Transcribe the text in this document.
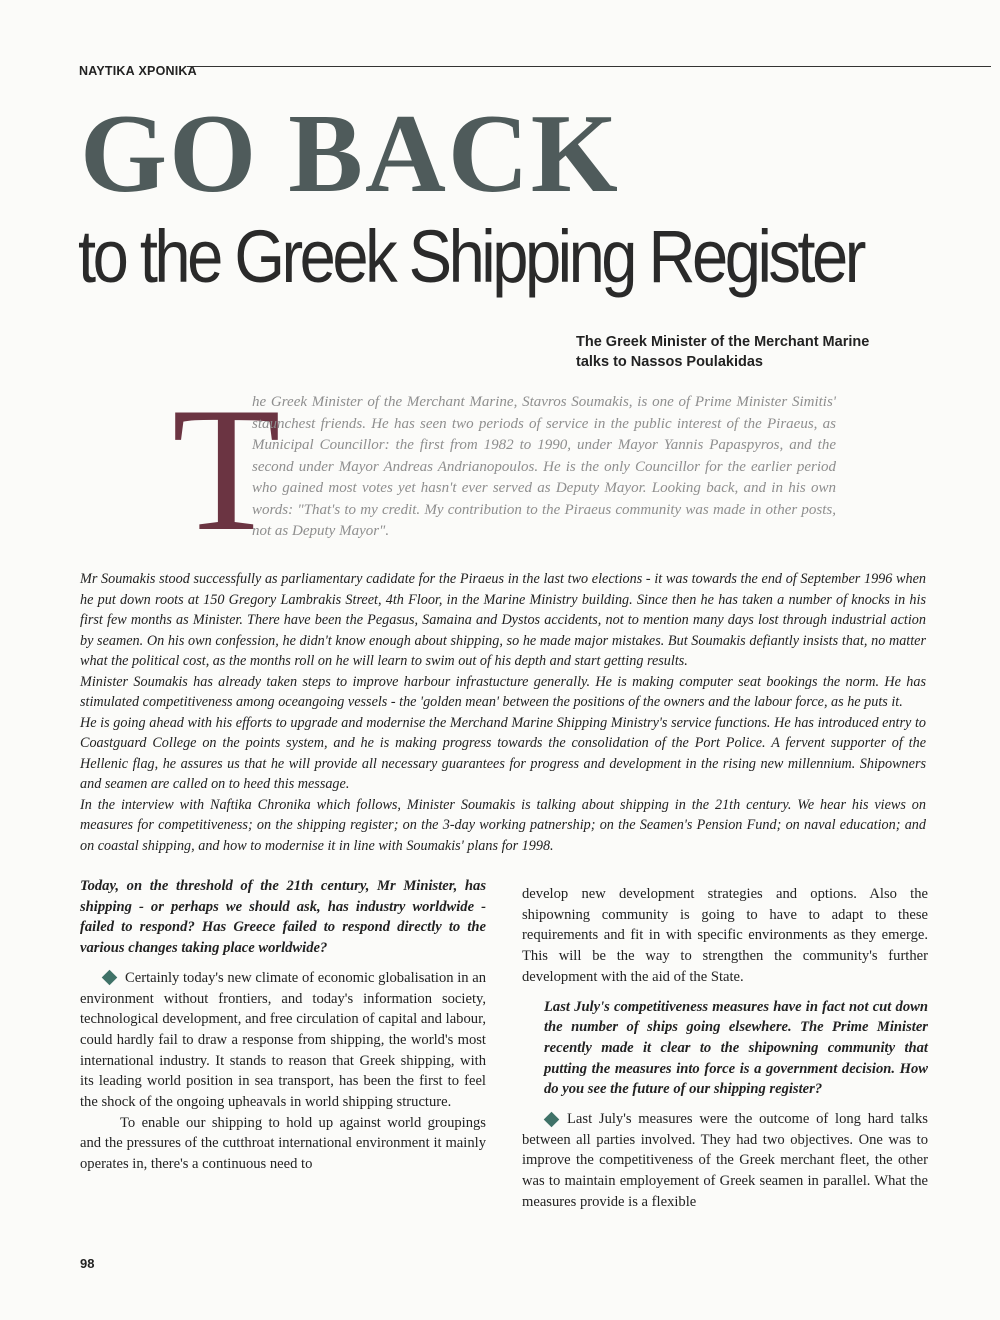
ΝΑΥΤΙΚΑ ΧΡΟΝΙΚΑ
GO BACK
to the Greek Shipping Register
The Greek Minister of the Merchant Marine talks to Nassos Poulakidas
T
he Greek Minister of the Merchant Marine, Stavros Soumakis, is one of Prime Minister Simitis' staunchest friends. He has seen two periods of service in the public interest of the Piraeus, as Municipal Councillor: the first from 1982 to 1990, under Mayor Yannis Papaspyros, and the second under Mayor Andreas Andrianopoulos. He is the only Councillor for the earlier period who gained most votes yet hasn't ever served as Deputy Mayor. Looking back, and in his own words: "That's to my credit. My contribution to the Piraeus community was made in other posts, not as Deputy Mayor".

Mr Soumakis stood successfully as parliamentary cadidate for the Piraeus in the last two elections - it was towards the end of September 1996 when he put down roots at 150 Gregory Lambrakis Street, 4th Floor, in the Marine Ministry building. Since then he has taken a number of knocks in his first few months as Minister. There have been the Pegasus, Samaina and Dystos accidents, not to mention many days lost through industrial action by seamen. On his own confession, he didn't know enough about shipping, so he made major mistakes. But Soumakis defiantly insists that, no matter what the political cost, as the months roll on he will learn to swim out of his depth and start getting results.

Minister Soumakis has already taken steps to improve harbour infrastucture generally. He is making computer seat bookings the norm. He has stimulated competitiveness among oceangoing vessels - the 'golden mean' between the positions of the owners and the labour force, as he puts it.

He is going ahead with his efforts to upgrade and modernise the Merchand Marine Shipping Ministry's service functions. He has introduced entry to Coastguard College on the points system, and he is making progress towards the consolidation of the Port Police. A fervent supporter of the Hellenic flag, he assures us that he will provide all necessary guarantees for progress and development in the rising new millennium. Shipowners and seamen are called on to heed this message.

In the interview with Naftika Chronika which follows, Minister Soumakis is talking about shipping in the 21th century. We hear his views on measures for competitiveness; on the shipping register; on the 3-day working patnership; on the Seamen's Pension Fund; on naval education; and on coastal shipping, and how to modernise it in line with Soumakis' plans for 1998.

Today, on the threshold of the 21th century, Mr Minister, has shipping - or perhaps we should ask, has industry worldwide - failed to respond? Has Greece failed to respond directly to the various changes taking place worldwide?

Certainly today's new climate of economic globalisation in an environment without frontiers, and today's information society, technological development, and free circulation of capital and labour, could hardly fail to draw a response from shipping, the world's most international industry. It stands to reason that Greek shipping, with its leading world position in sea transport, has been the first to feel the shock of the ongoing upheavals in world shipping structure.

To enable our shipping to hold up against world groupings and the pressures of the cutthroat international environment it mainly operates in, there's a continuous need to

develop new development strategies and options. Also the shipowning community is going to have to adapt to these requirements and fit in with specific environments as they emerge. This will be the way to strengthen the community's further development with the aid of the State.

Last July's competitiveness measures have in fact not cut down the number of ships going elsewhere. The Prime Minister recently made it clear to the shipowning community that putting the measures into force is a government decision. How do you see the future of our shipping register?

Last July's measures were the outcome of long hard talks between all parties involved. They had two objectives. One was to improve the competitiveness of the Greek merchant fleet, the other was to maintain employement of Greek seamen in parallel. What the measures provide is a flexible

98
